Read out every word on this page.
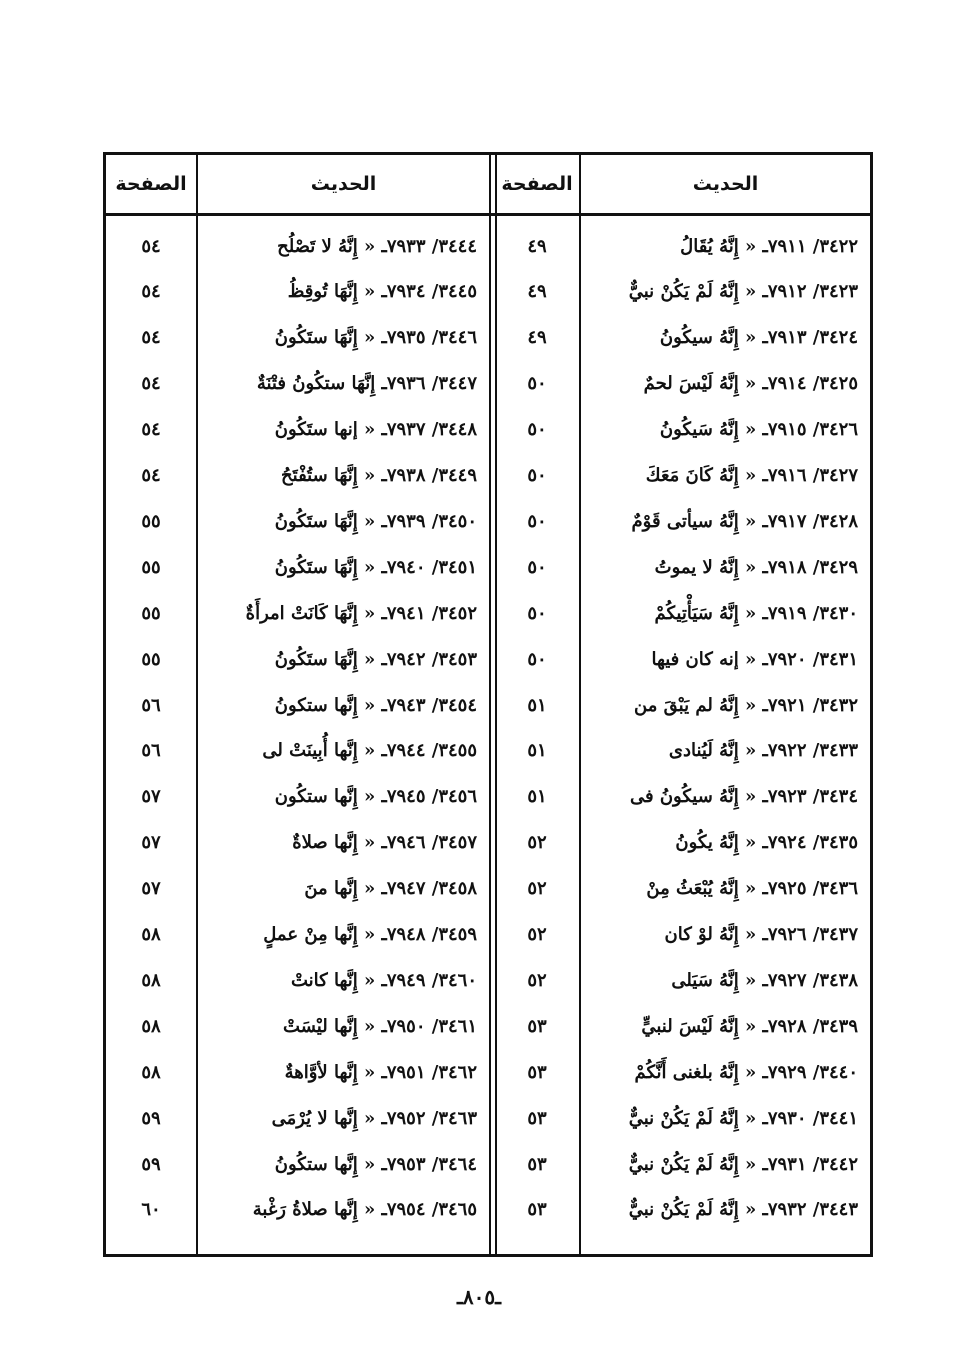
الصفحة	الحديث	الصفحة	الحديث
٥٤	٣٤٤٤/ ٧٩٣٣ـ « إِنَّهُ لا تَصْلُح	٤٩	٣٤٢٢/ ٧٩١١ـ « إِنَّهُ يُقَالُ
٥٤	٣٤٤٥/ ٧٩٣٤ـ « إِنَّهَا تُوقِظُ	٤٩	٣٤٢٣/ ٧٩١٢ـ « إِنَّهُ لَمْ يَكُنْ نبيٌّ
٥٤	٣٤٤٦/ ٧٩٣٥ـ « إِنَّهَا ستَكُونُ	٤٩	٣٤٢٤/ ٧٩١٣ـ « إِنَّهُ سيكُونُ
٥٤	٣٤٤٧/ ٧٩٣٦ـ إِنَّهَا ستكُونُ فتْنَةٌ	٥٠	٣٤٢٥/ ٧٩١٤ـ « إِنَّهُ لَيْسَ لحمٌ
٥٤	٣٤٤٨/ ٧٩٣٧ـ « إنها ستَكُونُ	٥٠	٣٤٢٦/ ٧٩١٥ـ « إِنَّهُ سَيكُونُ
٥٤	٣٤٤٩/ ٧٩٣٨ـ « إِنَّهَا ستُفْتَحُ	٥٠	٣٤٢٧/ ٧٩١٦ـ « إِنَّهُ كَانَ مَعَكَ
٥٥	٣٤٥٠/ ٧٩٣٩ـ « إِنَّهَا ستَكُونُ	٥٠	٣٤٢٨/ ٧٩١٧ـ « إِنَّهُ سيأتى قَوْمٌ
٥٥	٣٤٥١/ ٧٩٤٠ـ « إِنَّهَا ستَكُونُ	٥٠	٣٤٢٩/ ٧٩١٨ـ « إِنَّهُ لا يموتُ
٥٥	٣٤٥٢/ ٧٩٤١ـ « إِنَّهَا كَانَتْ امرأَةٌ	٥٠	٣٤٣٠/ ٧٩١٩ـ « إِنَّهُ سَيَأْتِيكُمْ
٥٥	٣٤٥٣/ ٧٩٤٢ـ « إِنَّهَا ستَكُونُ	٥٠	٣٤٣١/ ٧٩٢٠ـ « إنه كان فيها
٥٦	٣٤٥٤/ ٧٩٤٣ـ « إِنَّها ستكونُ	٥١	٣٤٣٢/ ٧٩٢١ـ « إِنَّهُ لم يَبْقَ من
٥٦	٣٤٥٥/ ٧٩٤٤ـ « إِنَّها أُبِينَتْ لى	٥١	٣٤٣٣/ ٧٩٢٢ـ « إِنَّهُ لَيُنادى
٥٧	٣٤٥٦/ ٧٩٤٥ـ « إِنَّها ستكُون	٥١	٣٤٣٤/ ٧٩٢٣ـ « إِنَّهُ سيكُونُ فى
٥٧	٣٤٥٧/ ٧٩٤٦ـ « إِنَّها صلاةٌ	٥٢	٣٤٣٥/ ٧٩٢٤ـ « إِنَّهُ يكُونُ
٥٧	٣٤٥٨/ ٧٩٤٧ـ « إِنَّها منَ	٥٢	٣٤٣٦/ ٧٩٢٥ـ « إِنَّهُ يُبْعَثُ مِنْ
٥٨	٣٤٥٩/ ٧٩٤٨ـ « إِنَّها مِنْ عملٍ	٥٢	٣٤٣٧/ ٧٩٢٦ـ « إِنَّهُ لوْ كان
٥٨	٣٤٦٠/ ٧٩٤٩ـ « إِنَّها كانتْ	٥٢	٣٤٣٨/ ٧٩٢٧ـ « إِنَّهُ سَيَلى
٥٨	٣٤٦١/ ٧٩٥٠ـ « إِنَّها ليْسَتْ	٥٣	٣٤٣٩/ ٧٩٢٨ـ « إِنَّهُ لَيْسَ لنبيٍّ
٥٨	٣٤٦٢/ ٧٩٥١ـ « إِنَّها لأوَّاهةٌ	٥٣	٣٤٤٠/ ٧٩٢٩ـ « إِنَّهُ بلغنى أَنَّكُمْ
٥٩	٣٤٦٣/ ٧٩٥٢ـ « إِنَّها لا يُرْمَى	٥٣	٣٤٤١/ ٧٩٣٠ـ « إِنَّهُ لَمْ يَكُنْ نبيٌّ
٥٩	٣٤٦٤/ ٧٩٥٣ـ « إِنَّها ستكُونُ	٥٣	٣٤٤٢/ ٧٩٣١ـ « إِنَّهُ لَمْ يَكُنْ نبيٌّ
٦٠	٣٤٦٥/ ٧٩٥٤ـ « إِنَّها صلاةُ رَغْبة	٥٣	٣٤٤٣/ ٧٩٣٢ـ « إِنَّهُ لَمْ يَكُنْ نبيٌّ
ـ٨٠٥ـ
